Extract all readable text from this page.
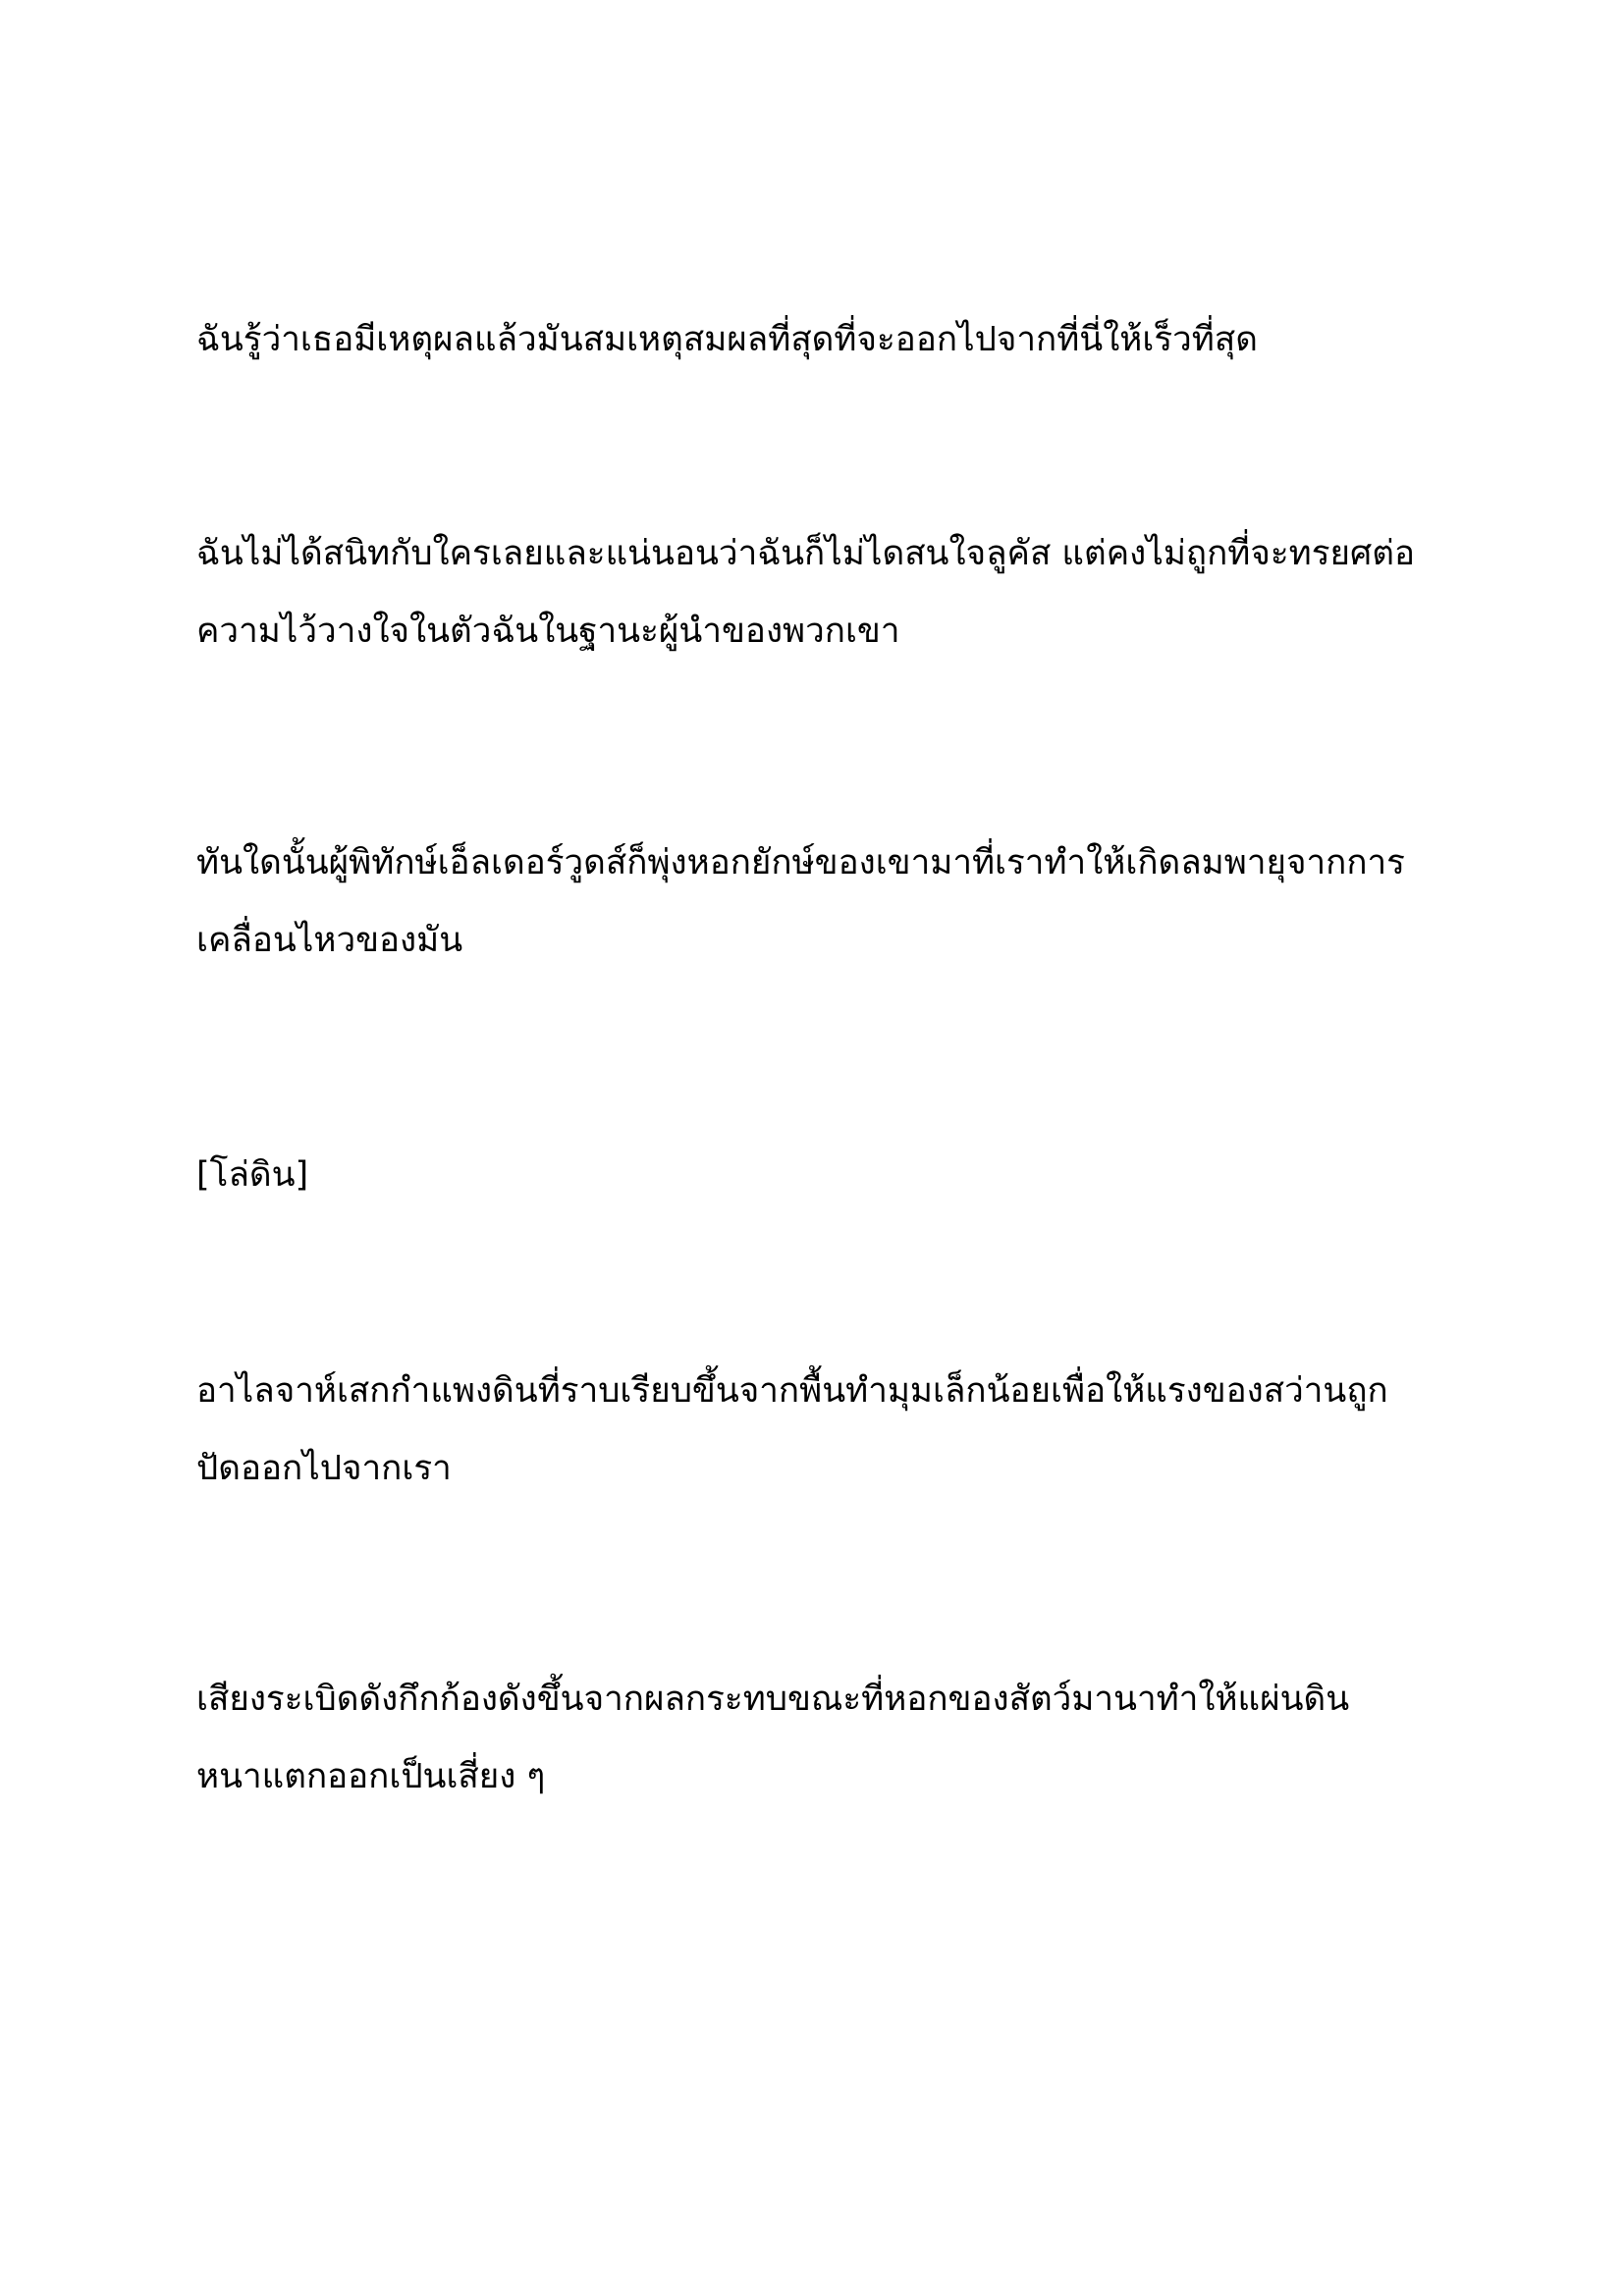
ฉันรู้ว่าเธอมีเหตุผลแล้วมันสมเหตุสมผลที่สุดที่จะออกไปจากที่นี่ให้เร็วที่สุด

ฉันไม่ได้สนิทกับใครเลยและแน่นอนว่าฉันก็ไม่ไดสนใจลูคัส แต่คงไม่ถูกที่จะทรยศต่อ
ความไว้วางใจในตัวฉันในฐานะผู้นำของพวกเขา

ทันใดนั้นผู้พิทักษ์เอ็ลเดอร์วูดส์ก็พุ่งหอกยักษ์ของเขามาที่เราทำให้เกิดลมพายุจากการ
เคลื่อนไหวของมัน

[โล่ดิน]

อาไลจาห์เสกกำแพงดินที่ราบเรียบขึ้นจากพื้นทำมุมเล็กน้อยเพื่อให้แรงของสว่านถูก
ปัดออกไปจากเรา

เสียงระเบิดดังกึกก้องดังขึ้นจากผลกระทบขณะที่หอกของสัตว์มานาทำให้แผ่นดิน
หนาแตกออกเป็นเสี่ยง ๆ
